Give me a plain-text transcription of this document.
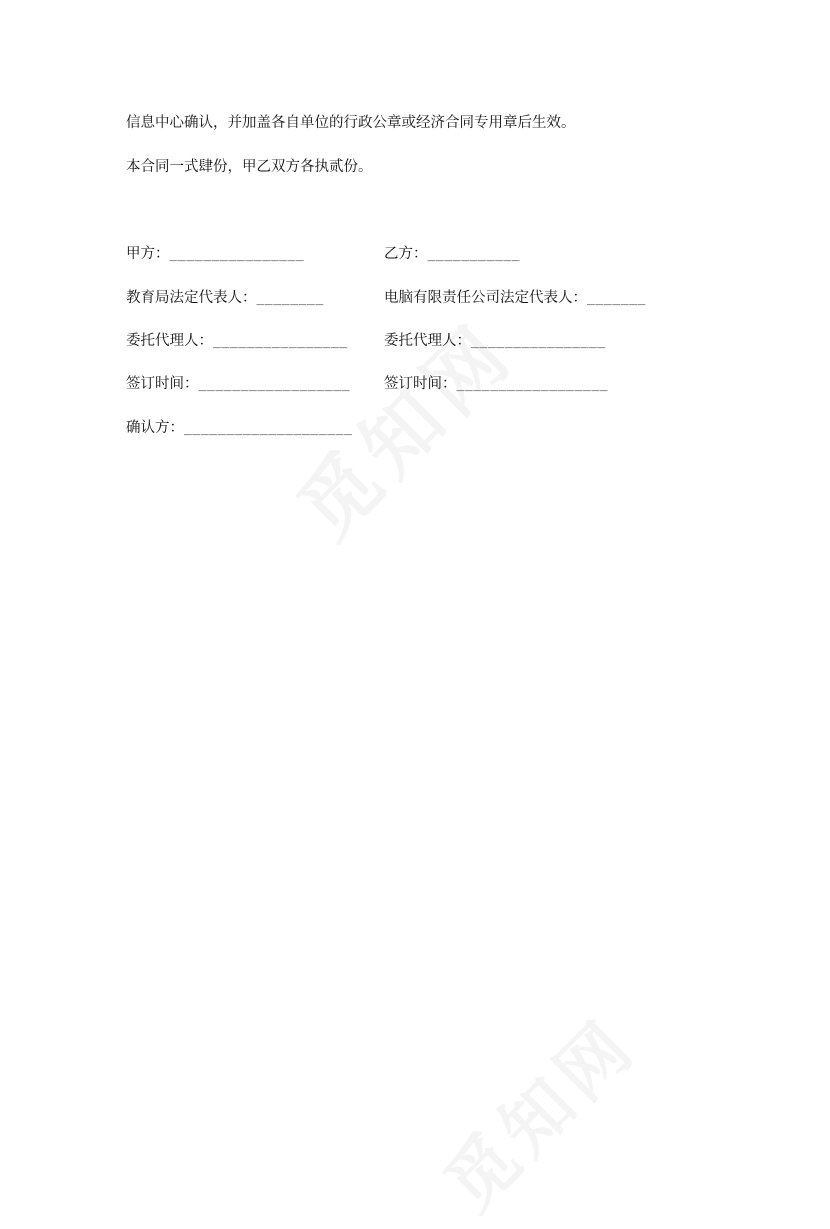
信息中心确认，并加盖各自单位的行政公章或经济合同专用章后生效。
本合同一式肆份，甲乙双方各执贰份。
甲方：________________	乙方：___________
教育局法定代表人：________	电脑有限责任公司法定代表人：_______
委托代理人：________________ 委托代理人：________________
签订时间：__________________ 签订时间：__________________
确认方：____________________
